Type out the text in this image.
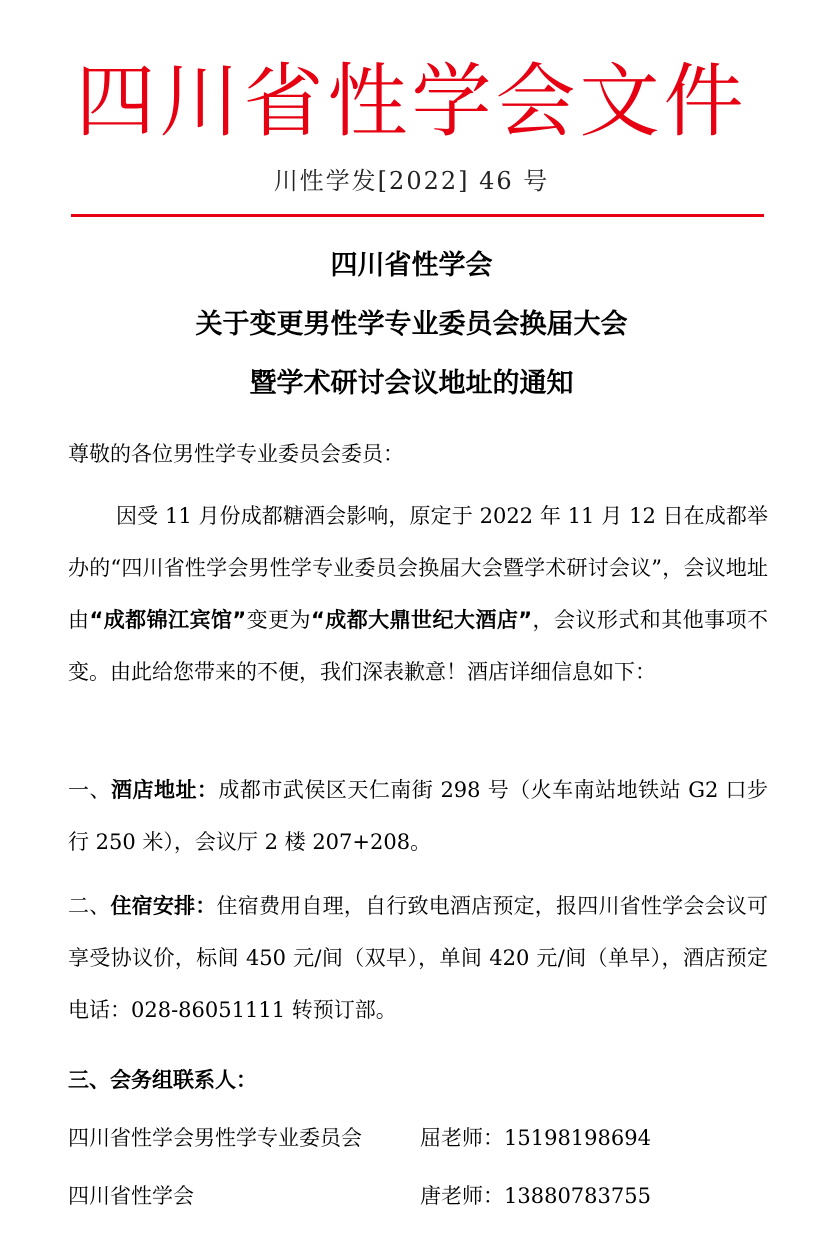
四川省性学会文件
川性学发[2022] 46 号
四川省性学会
关于变更男性学专业委员会换届大会
暨学术研讨会议地址的通知

尊敬的各位男性学专业委员会委员：

因受 11 月份成都糖酒会影响，原定于 2022 年 11 月 12 日在成都举办的“四川省性学会男性学专业委员会换届大会暨学术研讨会议”，会议地址由“成都锦江宾馆”变更为“成都大鼎世纪大酒店”，会议形式和其他事项不变。由此给您带来的不便，我们深表歉意！酒店详细信息如下：

一、酒店地址：成都市武侯区天仁南街 298 号（火车南站地铁站 G2 口步行 250 米），会议厅 2 楼 207+208。

二、住宿安排：住宿费用自理，自行致电酒店预定，报四川省性学会会议可享受协议价，标间 450 元/间（双早），单间 420 元/间（单早），酒店预定电话：028-86051111 转预订部。

三、会务组联系人：

四川省性学会男性学专业委员会	屈老师：15198198694
四川省性学会	唐老师：13880783755
